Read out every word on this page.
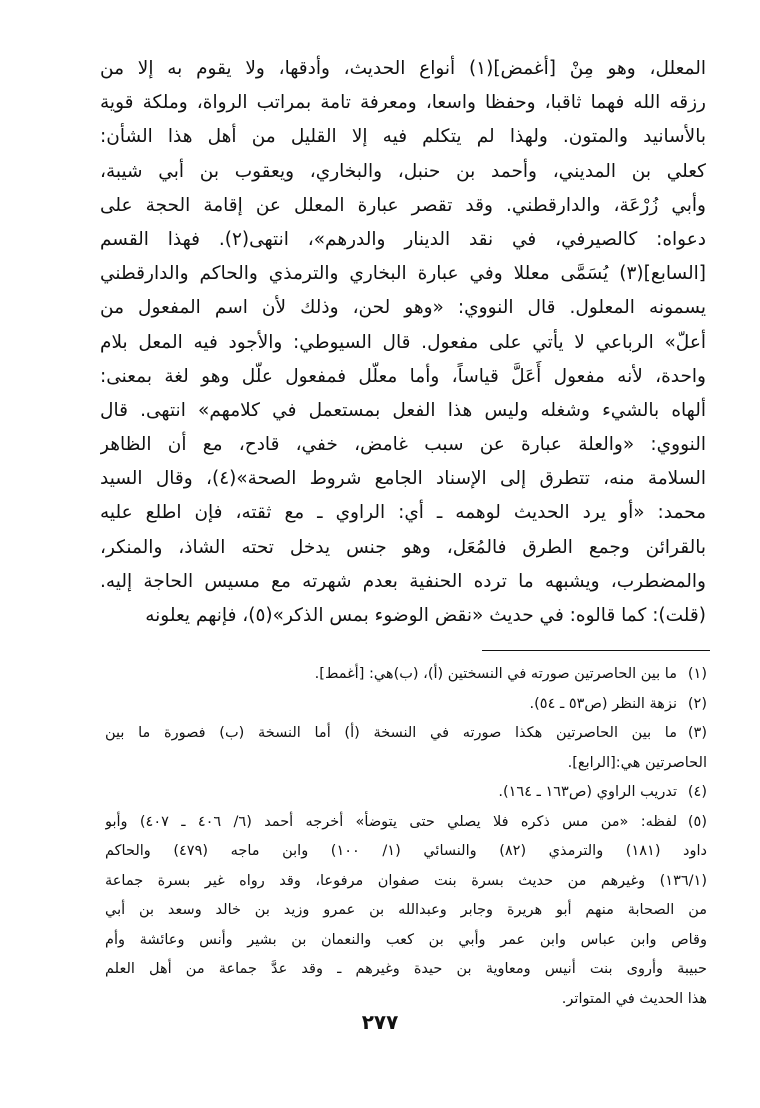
المعلل، وهو مِنْ [أغمض](١) أنواع الحديث، وأدقها، ولا يقوم به إلا من
رزقه الله فهما ثاقبا، وحفظا واسعا، ومعرفة تامة بمراتب الرواة، وملكة قوية
بالأسانيد والمتون. ولهذا لم يتكلم فيه إلا القليل من أهل هذا الشأن:
كعلي بن المديني، وأحمد بن حنبل، والبخاري، ويعقوب بن أبي شيبة،
وأبي زُرْعَة، والدارقطني. وقد تقصر عبارة المعلل عن إقامة الحجة على
دعواه: كالصيرفي، في نقد الدينار والدرهم»، انتهى(٢). فهذا القسم
[السابع](٣) يُسَمَّى معللا وفي عبارة البخاري والترمذي والحاكم والدارقطني
يسمونه المعلول. قال النووي: «وهو لحن، وذلك لأن اسم المفعول من
أعلّ» الرباعي لا يأتي على مفعول. قال السيوطي: والأجود فيه المعل بلام
واحدة، لأنه مفعول أَعَلَّ قياساً، وأما معلّل فمفعول علّل وهو لغة بمعنى:
ألهاه بالشيء وشغله وليس هذا الفعل بمستعمل في كلامهم» انتهى. قال
النووي: «والعلة عبارة عن سبب غامض، خفي، قادح، مع أن الظاهر
السلامة منه، تتطرق إلى الإسناد الجامع شروط الصحة»(٤)، وقال السيد
محمد: «أو يرد الحديث لوهمه ـ أي: الراوي ـ مع ثقته، فإن اطلع عليه
بالقرائن وجمع الطرق فالمُعَل، وهو جنس يدخل تحته الشاذ، والمنكر،
والمضطرب، ويشبهه ما ترده الحنفية بعدم شهرته مع مسيس الحاجة إليه.
(قلت): كما قالوه: في حديث «نقض الوضوء بمس الذكر»(٥)، فإنهم يعلونه
(١)
ما بين الحاصرتين صورته في النسختين (أ)، (ب)هي: [أغمط].
(٢)
نزهة النظر (ص٥٣ ـ ٥٤).
(٣)
ما بين الحاصرتين هكذا صورته في النسخة (أ) أما النسخة (ب) فصورة ما بين
الحاصرتين هي:[الرابع].
(٤)
تدريب الراوي (ص١٦٣ ـ ١٦٤).
(٥)
لفظه: «من مس ذكره فلا يصلي حتى يتوضأ» أخرجه أحمد (٦/ ٤٠٦ ـ ٤٠٧) وأبو
داود (١٨١) والترمذي (٨٢) والنسائي (١/ ١٠٠) وابن ماجه (٤٧٩) والحاكم
(١٣٦/١) وغيرهم من حديث بسرة بنت صفوان مرفوعا، وقد رواه غير بسرة جماعة
من الصحابة منهم أبو هريرة وجابر وعبدالله بن عمرو وزيد بن خالد وسعد بن أبي
وقاص وابن عباس وابن عمر وأبي بن كعب والنعمان بن بشير وأنس وعائشة وأم
حبيبة وأروى بنت أنيس ومعاوية بن حيدة وغيرهم ـ وقد عدَّ جماعة من أهل العلم
هذا الحديث في المتواتر.
٢٧٧
